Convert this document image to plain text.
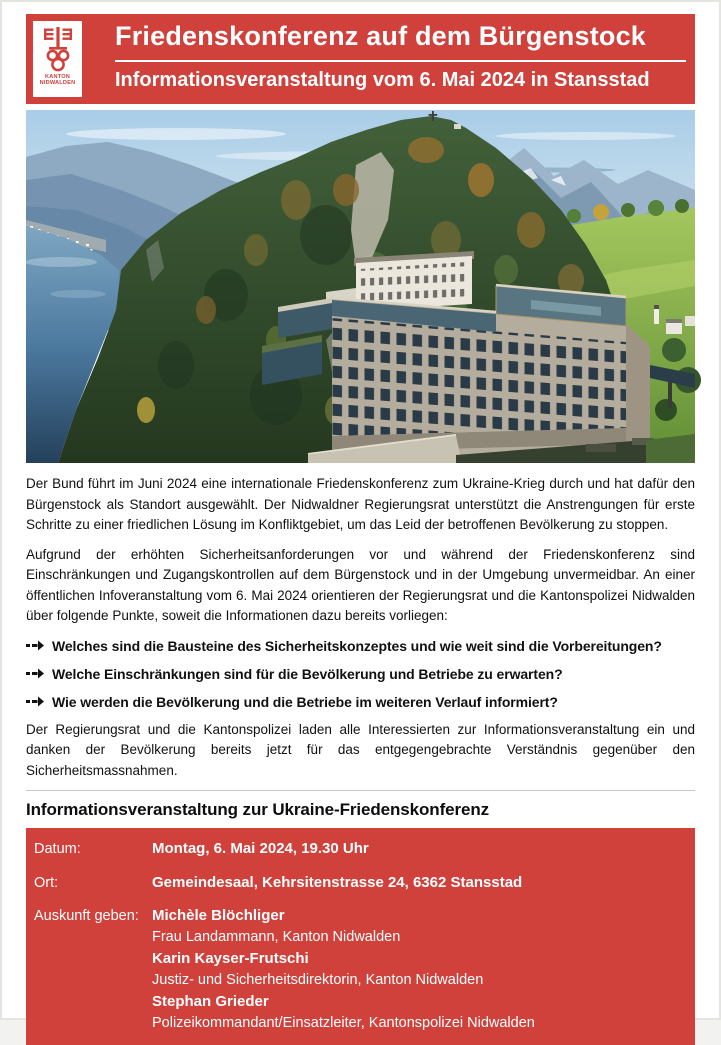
KANTON
NIDWALDEN
Friedenskonferenz auf dem Bürgenstock
Informationsveranstaltung vom 6. Mai 2024 in Stansstad

Der Bund führt im Juni 2024 eine internationale Friedenskonferenz zum Ukraine-Krieg durch und hat dafür den Bürgenstock als Standort ausgewählt. Der Nidwaldner Regierungsrat unterstützt die Anstrengungen für erste Schritte zu einer friedlichen Lösung im Konfliktgebiet, um das Leid der betroffenen Bevölkerung zu stoppen.

Aufgrund der erhöhten Sicherheitsanforderungen vor und während der Friedenskonferenz sind Einschränkungen und Zugangskontrollen auf dem Bürgenstock und in der Umgebung unvermeidbar. An einer öffentlichen Infoveranstaltung vom 6. Mai 2024 orientieren der Regierungsrat und die Kantonspolizei Nidwalden über folgende Punkte, soweit die Informationen dazu bereits vorliegen:

Welches sind die Bausteine des Sicherheitskonzeptes und wie weit sind die Vorbereitungen?
Welche Einschränkungen sind für die Bevölkerung und Betriebe zu erwarten?
Wie werden die Bevölkerung und die Betriebe im weiteren Verlauf informiert?

Der Regierungsrat und die Kantonspolizei laden alle Interessierten zur Informationsveranstaltung ein und danken der Bevölkerung bereits jetzt für das entgegengebrachte Verständnis gegenüber den Sicherheitsmassnahmen.

Informationsveranstaltung zur Ukraine-Friedenskonferenz
Datum:	Montag, 6. Mai 2024, 19.30 Uhr
Ort:	Gemeindesaal, Kehrsitenstrasse 24, 6362 Stansstad
Auskunft geben: Michèle Blöchliger
Frau Landammann, Kanton Nidwalden
Karin Kayser-Frutschi
Justiz- und Sicherheitsdirektorin, Kanton Nidwalden
Stephan Grieder
Polizeikommandant/Einsatzleiter, Kantonspolizei Nidwalden
